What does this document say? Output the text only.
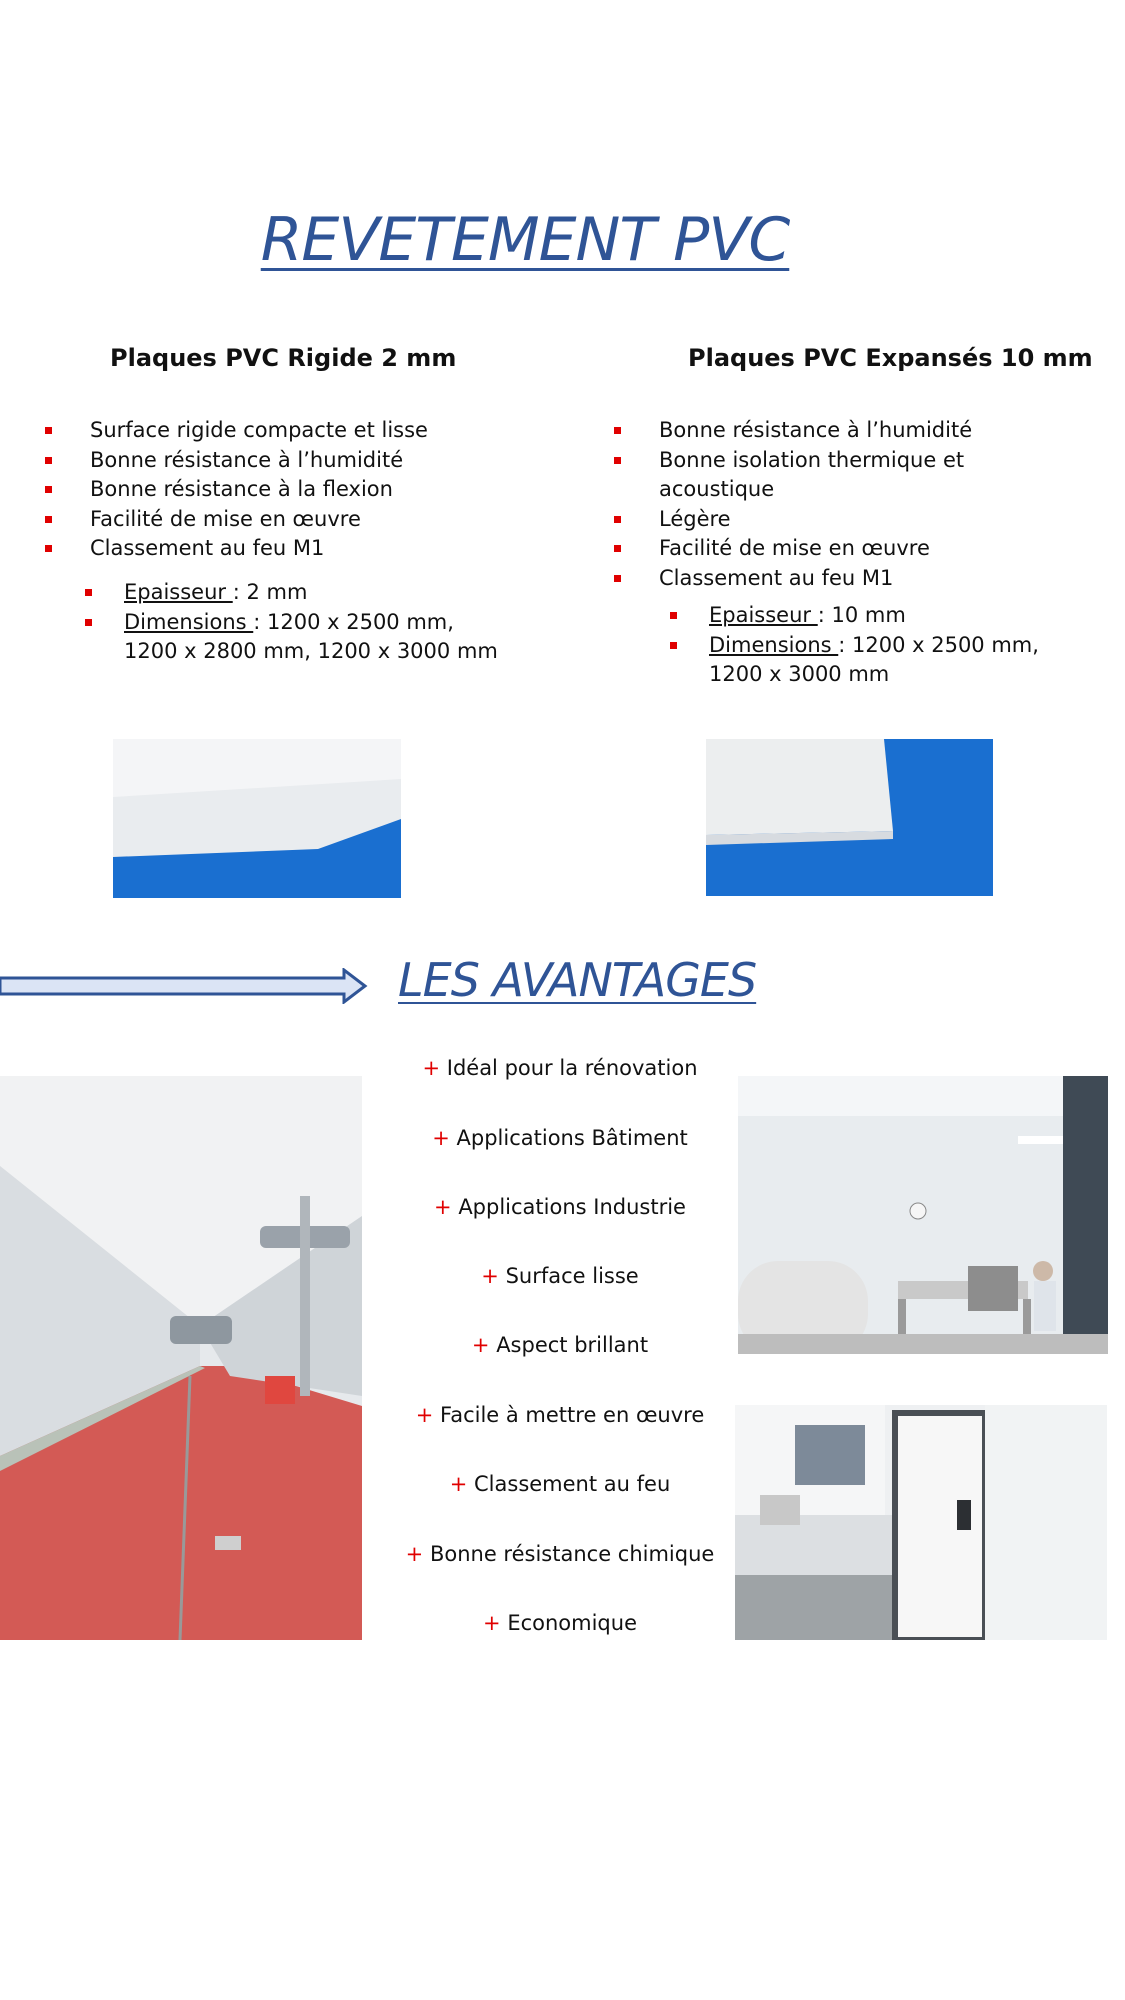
REVETEMENT PVC
Plaques PVC Rigide 2 mm
Surface rigide compacte et lisse
Bonne résistance à l’humidité
Bonne résistance à la flexion
Facilité de mise en œuvre
Classement au feu M1
Epaisseur : 2 mm
Dimensions : 1200 x 2500 mm,
1200 x 2800 mm, 1200 x 3000 mm
Plaques PVC Expansés 10 mm
Bonne résistance à l’humidité
Bonne isolation thermique et
acoustique
Légère
Facilité de mise en œuvre
Classement au feu M1
Epaisseur : 10 mm
Dimensions : 1200 x 2500 mm,
1200 x 3000 mm
LES AVANTAGES
+ Idéal pour la rénovation
+ Applications Bâtiment
+ Applications Industrie
+ Surface lisse
+ Aspect brillant
+ Facile à mettre en œuvre
+ Classement au feu
+ Bonne résistance chimique
+ Economique
